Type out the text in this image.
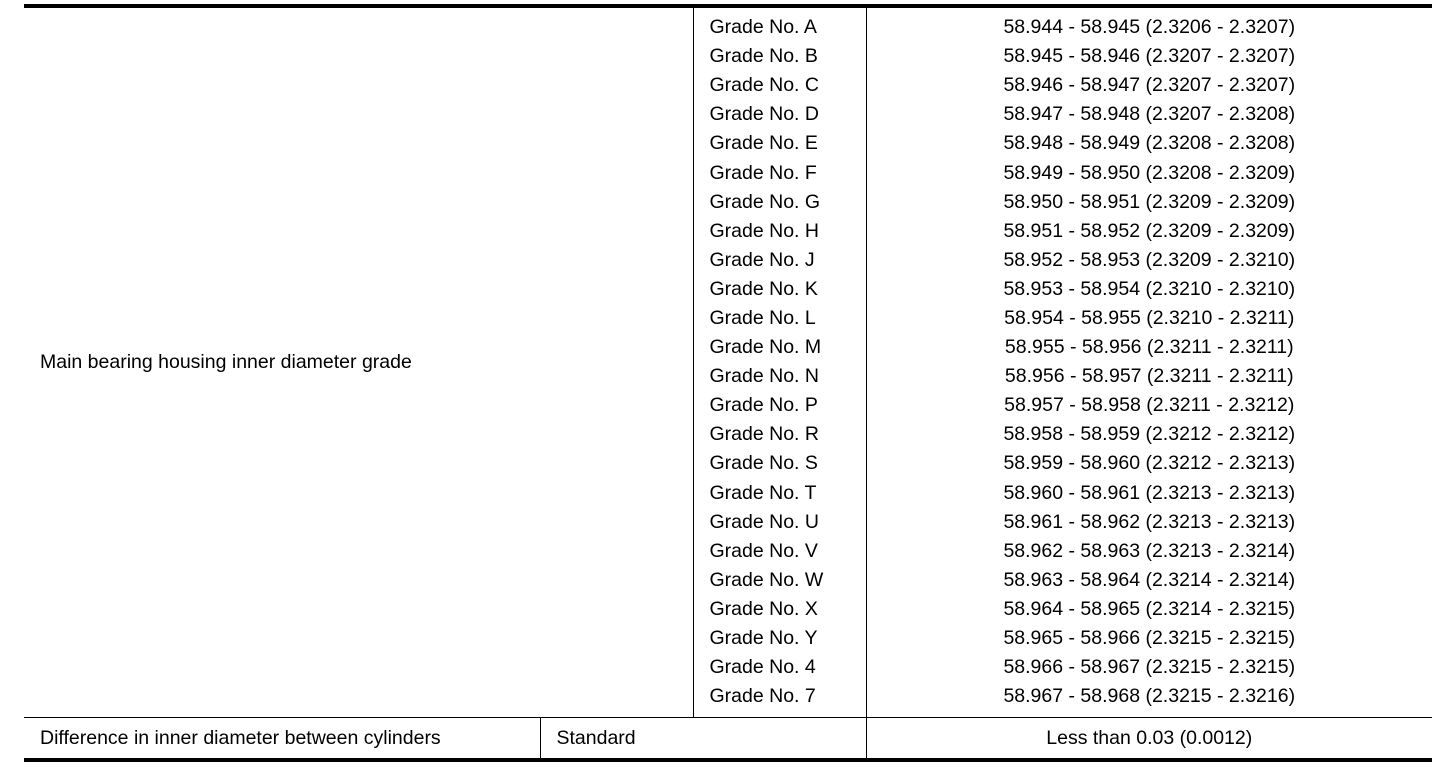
Main bearing housing inner diameter grade		Grade No. A	58.944 - 58.945 (2.3206 - 2.3207)
		Grade No. B	58.945 - 58.946 (2.3207 - 2.3207)
		Grade No. C	58.946 - 58.947 (2.3207 - 2.3207)
		Grade No. D	58.947 - 58.948 (2.3207 - 2.3208)
		Grade No. E	58.948 - 58.949 (2.3208 - 2.3208)
		Grade No. F	58.949 - 58.950 (2.3208 - 2.3209)
		Grade No. G	58.950 - 58.951 (2.3209 - 2.3209)
		Grade No. H	58.951 - 58.952 (2.3209 - 2.3209)
		Grade No. J	58.952 - 58.953 (2.3209 - 2.3210)
		Grade No. K	58.953 - 58.954 (2.3210 - 2.3210)
		Grade No. L	58.954 - 58.955 (2.3210 - 2.3211)
		Grade No. M	58.955 - 58.956 (2.3211 - 2.3211)
		Grade No. N	58.956 - 58.957 (2.3211 - 2.3211)
		Grade No. P	58.957 - 58.958 (2.3211 - 2.3212)
		Grade No. R	58.958 - 58.959 (2.3212 - 2.3212)
		Grade No. S	58.959 - 58.960 (2.3212 - 2.3213)
		Grade No. T	58.960 - 58.961 (2.3213 - 2.3213)
		Grade No. U	58.961 - 58.962 (2.3213 - 2.3213)
		Grade No. V	58.962 - 58.963 (2.3213 - 2.3214)
		Grade No. W	58.963 - 58.964 (2.3214 - 2.3214)
		Grade No. X	58.964 - 58.965 (2.3214 - 2.3215)
		Grade No. Y	58.965 - 58.966 (2.3215 - 2.3215)
		Grade No. 4	58.966 - 58.967 (2.3215 - 2.3215)
		Grade No. 7	58.967 - 58.968 (2.3215 - 2.3216)
Difference in inner diameter between cylinders	Standard		Less than 0.03 (0.0012)
